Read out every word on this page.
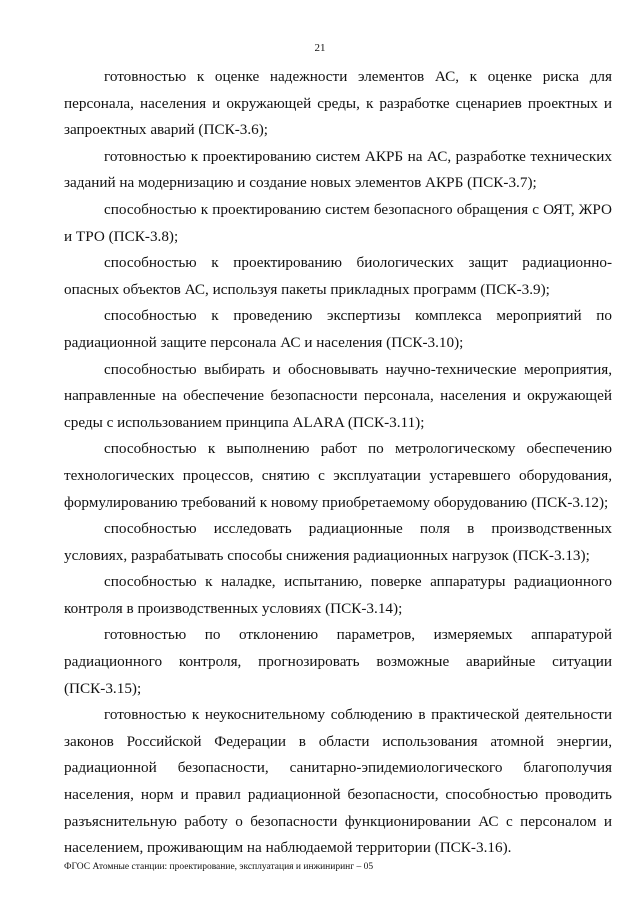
21

готовностью к оценке надежности элементов АС, к оценке риска для персонала, населения и окружающей среды, к разработке сценариев проектных и запроектных аварий (ПСК-3.6);

готовностью к проектированию систем АКРБ на АС, разработке технических заданий на модернизацию и создание новых элементов АКРБ (ПСК-3.7);

способностью к проектированию систем безопасного обращения с ОЯТ, ЖРО и ТРО (ПСК-3.8);

способностью к проектированию биологических защит радиационно- опасных объектов АС, используя пакеты прикладных программ (ПСК-3.9);

способностью к проведению экспертизы комплекса мероприятий по радиационной защите персонала АС и населения (ПСК-3.10);

способностью выбирать и обосновывать научно-технические мероприятия, направленные на обеспечение безопасности персонала, населения и окружающей среды с использованием принципа ALARA (ПСК-3.11);

способностью к выполнению работ по метрологическому обеспечению технологических процессов, снятию с эксплуатации устаревшего оборудования, формулированию требований к новому приобретаемому оборудованию (ПСК-3.12);

способностью исследовать радиационные поля в производственных условиях, разрабатывать способы снижения радиационных нагрузок (ПСК-3.13);

способностью к наладке, испытанию, поверке аппаратуры радиационного контроля в производственных условиях (ПСК-3.14);

готовностью по отклонению параметров, измеряемых аппаратурой радиационного контроля, прогнозировать возможные аварийные ситуации (ПСК-3.15);

готовностью к неукоснительному соблюдению в практической деятельности законов Российской Федерации в области использования атомной энергии, радиационной безопасности, санитарно-эпидемиологического благополучия населения, норм и правил радиационной безопасности, способностью проводить разъяснительную работу о безопасности функционировании АС с персоналом и населением, проживающим на наблюдаемой территории (ПСК-3.16).

ФГОС Атомные станции: проектирование, эксплуатация и инжиниринг – 05
